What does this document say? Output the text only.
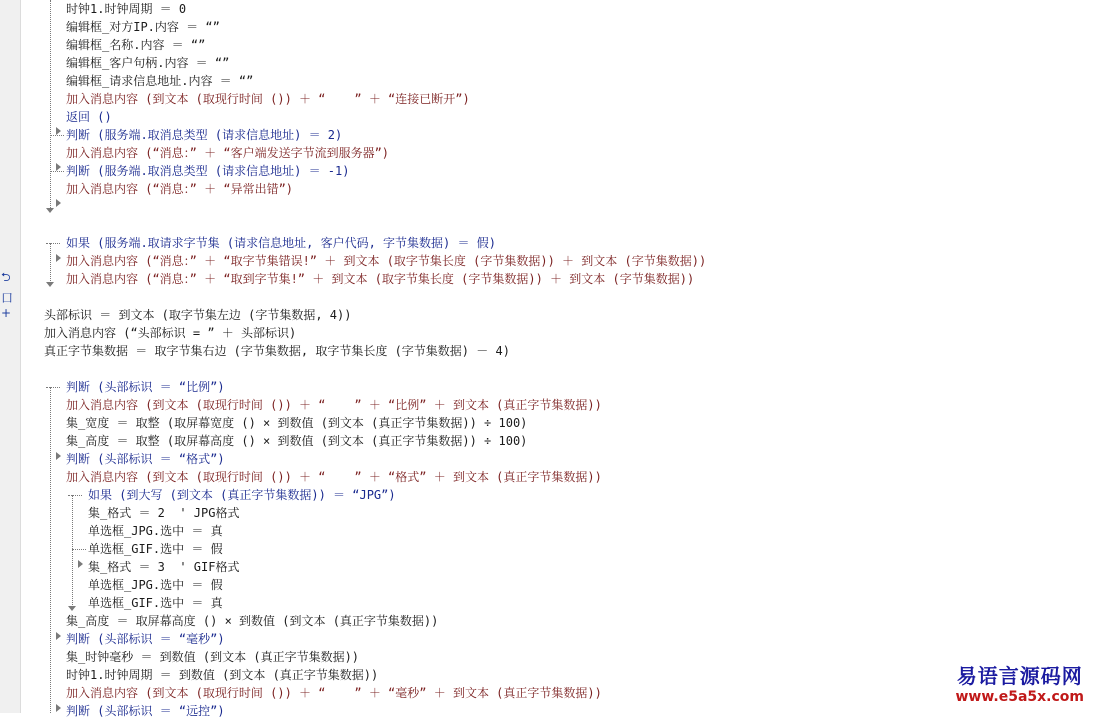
⮌口 +
时钟1.时钟周期 ＝ 0
编辑框_对方IP.内容 ＝ “”
编辑框_名称.内容 ＝ “”
编辑框_客户句柄.内容 ＝ “”
编辑框_请求信息地址.内容 ＝ “”
加入消息内容 (到文本 (取现行时间 ()) ＋ “    ” ＋ “连接已断开”)
返回 ()
判断 (服务端.取消息类型 (请求信息地址) ＝ 2)
加入消息内容 (“消息：” ＋ “客户端发送字节流到服务器”)
判断 (服务端.取消息类型 (请求信息地址) ＝ -1)
加入消息内容 (“消息：” ＋ “异常出错”)
如果 (服务端.取请求字节集 (请求信息地址, 客户代码, 字节集数据) ＝ 假)
加入消息内容 (“消息：” ＋ “取字节集错误!” ＋ 到文本 (取字节集长度 (字节集数据)) ＋ 到文本 (字节集数据))
加入消息内容 (“消息：” ＋ “取到字节集!” ＋ 到文本 (取字节集长度 (字节集数据)) ＋ 到文本 (字节集数据))
头部标识 ＝ 到文本 (取字节集左边 (字节集数据, 4))
加入消息内容 (“头部标识 = ” ＋ 头部标识)
真正字节集数据 ＝ 取字节集右边 (字节集数据, 取字节集长度 (字节集数据) － 4)
判断 (头部标识 ＝ “比例”)
加入消息内容 (到文本 (取现行时间 ()) ＋ “    ” ＋ “比例” ＋ 到文本 (真正字节集数据))
集_宽度 ＝ 取整 (取屏幕宽度 () × 到数值 (到文本 (真正字节集数据)) ÷ 100)
集_高度 ＝ 取整 (取屏幕高度 () × 到数值 (到文本 (真正字节集数据)) ÷ 100)
判断 (头部标识 ＝ “格式”)
加入消息内容 (到文本 (取现行时间 ()) ＋ “    ” ＋ “格式” ＋ 到文本 (真正字节集数据))
如果 (到大写 (到文本 (真正字节集数据)) ＝ “JPG”)
集_格式 ＝ 2  ' JPG格式
单选框_JPG.选中 ＝ 真
单选框_GIF.选中 ＝ 假
集_格式 ＝ 3  ' GIF格式
单选框_JPG.选中 ＝ 假
单选框_GIF.选中 ＝ 真
集_高度 ＝ 取屏幕高度 () × 到数值 (到文本 (真正字节集数据))
判断 (头部标识 ＝ “毫秒”)
集_时钟毫秒 ＝ 到数值 (到文本 (真正字节集数据))
时钟1.时钟周期 ＝ 到数值 (到文本 (真正字节集数据))
加入消息内容 (到文本 (取现行时间 ()) ＋ “    ” ＋ “毫秒” ＋ 到文本 (真正字节集数据))
判断 (头部标识 ＝ “远控”)
易语言源码网
www.e5a5x.com
